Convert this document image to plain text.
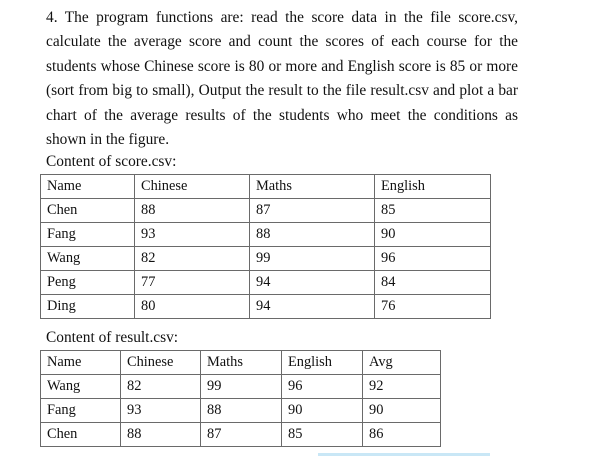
4. The program functions are: read the score data in the file score.csv, calculate the average score and count the scores of each course for the students whose Chinese score is 80 or more and English score is 85 or more (sort from big to small), Output the result to the file result.csv and plot a bar chart of the average results of the students who meet the conditions as shown in the figure.

Content of score.csv:

Name	Chinese	Maths	English
Chen	88	87	85
Fang	93	88	90
Wang	82	99	96
Peng	77	94	84
Ding	80	94	76

Content of result.csv:

Name	Chinese	Maths	English	Avg
Wang	82	99	96	92
Fang	93	88	90	90
Chen	88	87	85	86
